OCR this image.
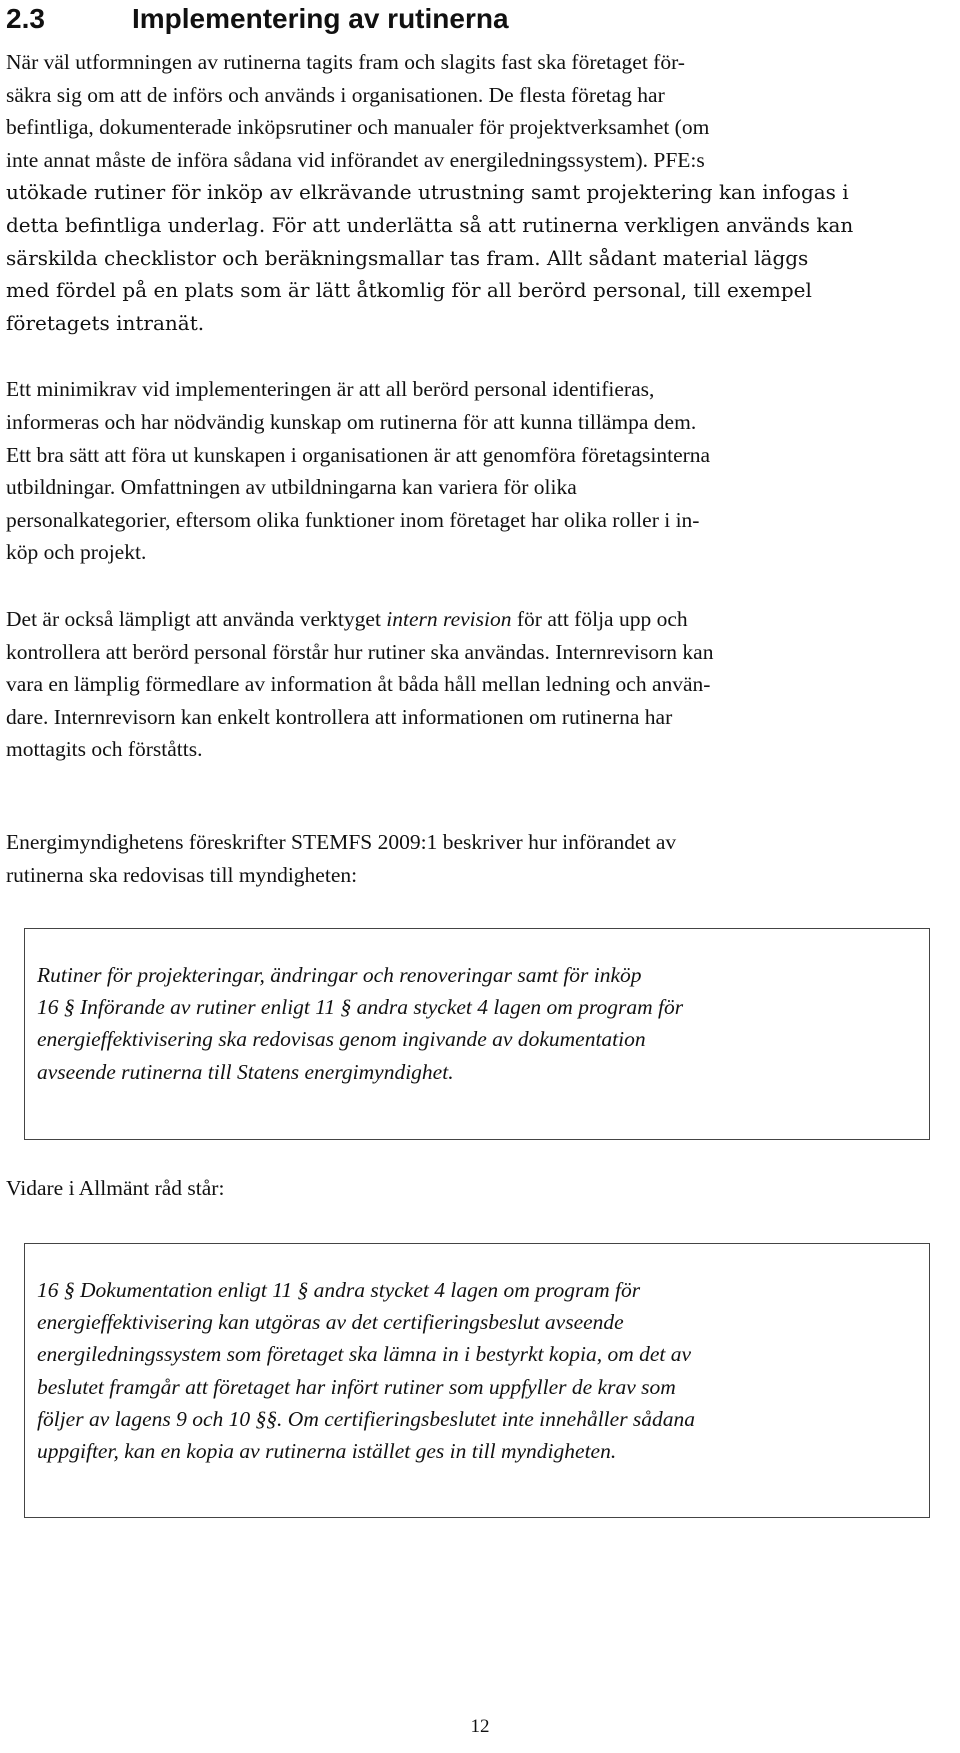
2.3	Implementering av rutinerna
När väl utformningen av rutinerna tagits fram och slagits fast ska företaget för-
säkra sig om att de införs och används i organisationen. De flesta företag har
befintliga, dokumenterade inköpsrutiner och manualer för projektverksamhet (om
inte annat måste de införa sådana vid införandet av energiledningssystem). PFE:s
utökade rutiner för inköp av elkrävande utrustning samt projektering kan infogas i
detta befintliga underlag. För att underlätta så att rutinerna verkligen används kan
särskilda checklistor och beräkningsmallar tas fram. Allt sådant material läggs
med fördel på en plats som är lätt åtkomlig för all berörd personal, till exempel
företagets intranät.
Ett minimikrav vid implementeringen är att all berörd personal identifieras,
informeras och har nödvändig kunskap om rutinerna för att kunna tillämpa dem.
Ett bra sätt att föra ut kunskapen i organisationen är att genomföra företagsinterna
utbildningar. Omfattningen av utbildningarna kan variera för olika
personalkategorier, eftersom olika funktioner inom företaget har olika roller i in-
köp och projekt.
Det är också lämpligt att använda verktyget intern revision för att följa upp och
kontrollera att berörd personal förstår hur rutiner ska användas. Internrevisorn kan
vara en lämplig förmedlare av information åt båda håll mellan ledning och använ-
dare. Internrevisorn kan enkelt kontrollera att informationen om rutinerna har
mottagits och förståtts.
Energimyndighetens föreskrifter STEMFS 2009:1 beskriver hur införandet av
rutinerna ska redovisas till myndigheten:
Rutiner för projekteringar, ändringar och renoveringar samt för inköp
16 § Införande av rutiner enligt 11 § andra stycket 4 lagen om program för
energieffektivisering ska redovisas genom ingivande av dokumentation
avseende rutinerna till Statens energimyndighet.
Vidare i Allmänt råd står:
16 § Dokumentation enligt 11 § andra stycket 4 lagen om program för
energieffektivisering kan utgöras av det certifieringsbeslut avseende
energiledningssystem som företaget ska lämna in i bestyrkt kopia, om det av
beslutet framgår att företaget har infört rutiner som uppfyller de krav som
följer av lagens 9 och 10 §§. Om certifieringsbeslutet inte innehåller sådana
uppgifter, kan en kopia av rutinerna istället ges in till myndigheten.
12
